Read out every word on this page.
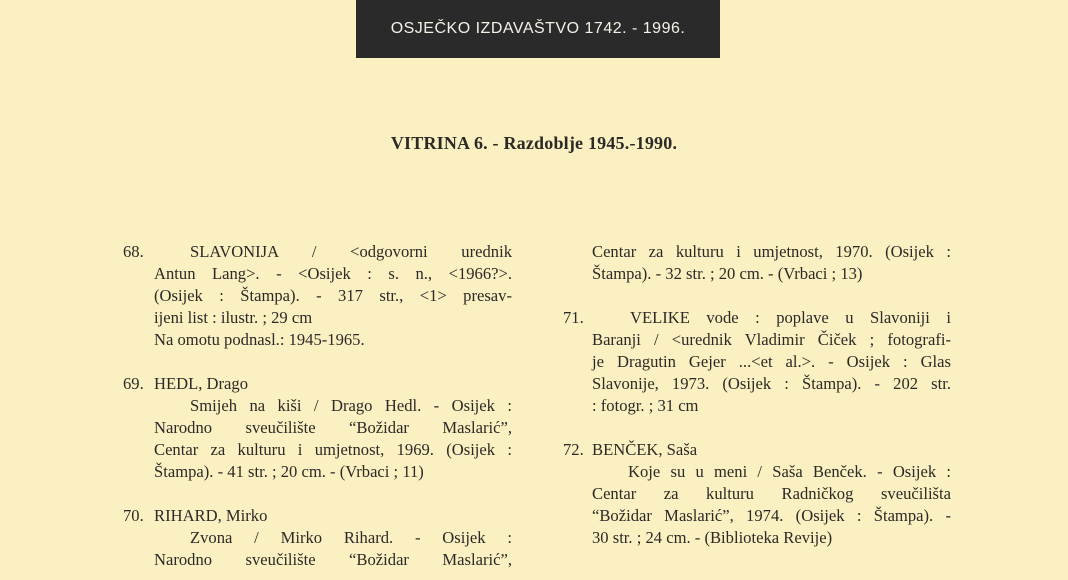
OSJEČKO IZDAVAŠTVO 1742. - 1996.
VITRINA 6. - Razdoblje 1945.-1990.
68.	SLAVONIJA / <odgovorni urednik
Antun Lang>. - <Osijek : s. n., <1966?>.
(Osijek : Štampa). - 317 str., <1> presav-
ijeni list : ilustr. ; 29 cm
Na omotu podnasl.: 1945-1965.
69. HEDL, Drago
Smijeh na kiši / Drago Hedl. - Osijek :
Narodno sveučilište “Božidar Maslarić”,
Centar za kulturu i umjetnost, 1969. (Osijek :
Štampa). - 41 str. ; 20 cm. - (Vrbaci ; 11)
70. RIHARD, Mirko
Zvona / Mirko Rihard. - Osijek :
Narodno sveučilište “Božidar Maslarić”,
Centar za kulturu i umjetnost, 1970. (Osijek :
Štampa). - 32 str. ; 20 cm. - (Vrbaci ; 13)
71.	VELIKE vode : poplave u Slavoniji i
Baranji / <urednik Vladimir Čiček ; fotografi-
je Dragutin Gejer ...<et al.>. - Osijek : Glas
Slavonije, 1973. (Osijek : Štampa). - 202 str.
: fotogr. ; 31 cm
72. BENČEK, Saša
Koje su u meni / Saša Benček. - Osijek :
Centar za kulturu Radničkog sveučilišta
“Božidar Maslarić”, 1974. (Osijek : Štampa). -
30 str. ; 24 cm. - (Biblioteka Revije)
